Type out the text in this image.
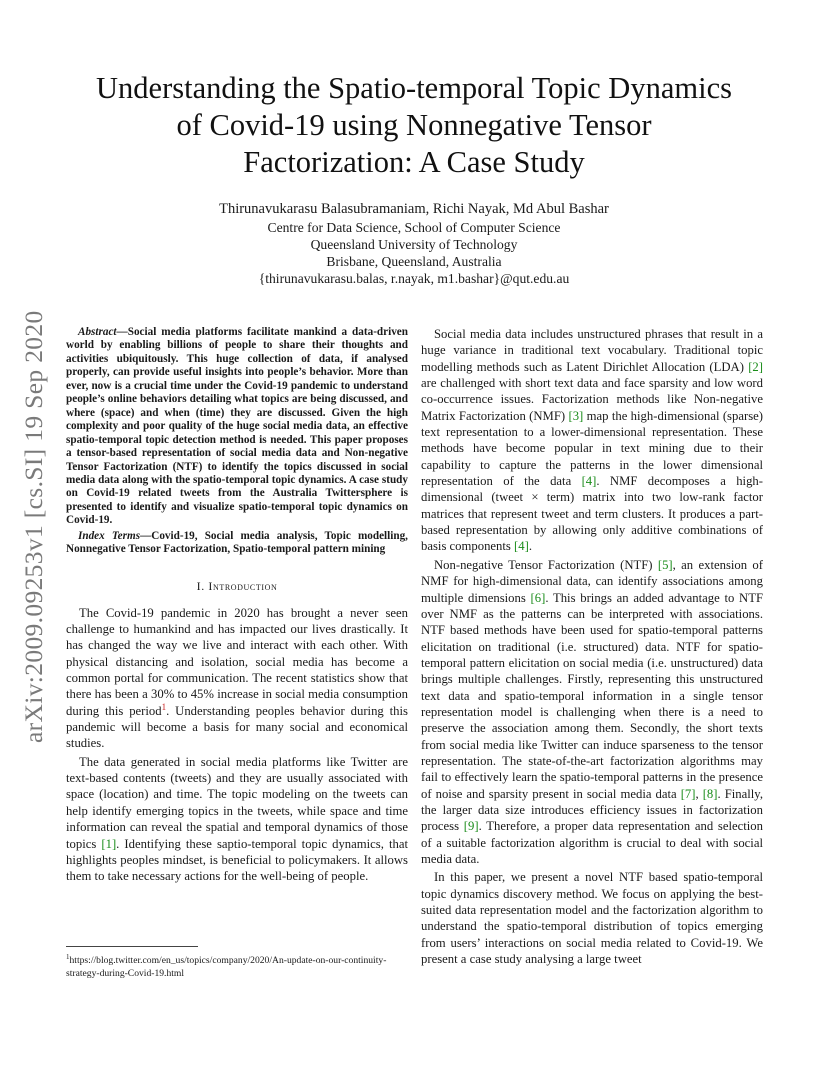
arXiv:2009.09253v1 [cs.SI] 19 Sep 2020
Understanding the Spatio-temporal Topic Dynamics
of Covid-19 using Nonnegative Tensor
Factorization: A Case Study
Thirunavukarasu Balasubramaniam, Richi Nayak, Md Abul Bashar
Centre for Data Science, School of Computer Science
Queensland University of Technology
Brisbane, Queensland, Australia
{thirunavukarasu.balas, r.nayak, m1.bashar}@qut.edu.au

Abstract—Social media platforms facilitate mankind a data-driven world by enabling billions of people to share their thoughts and activities ubiquitously. This huge collection of data, if analysed properly, can provide useful insights into people’s behavior. More than ever, now is a crucial time under the Covid-19 pandemic to understand people’s online behaviors detailing what topics are being discussed, and where (space) and when (time) they are discussed. Given the high complexity and poor quality of the huge social media data, an effective spatio-temporal topic detection method is needed. This paper proposes a tensor-based representation of social media data and Non-negative Tensor Factorization (NTF) to identify the topics discussed in social media data along with the spatio-temporal topic dynamics. A case study on Covid-19 related tweets from the Australia Twittersphere is presented to identify and visualize spatio-temporal topic dynamics on Covid-19.

Index Terms—Covid-19, Social media analysis, Topic modelling, Nonnegative Tensor Factorization, Spatio-temporal pattern mining

I. Introduction

The Covid-19 pandemic in 2020 has brought a never seen challenge to humankind and has impacted our lives drastically. It has changed the way we live and interact with each other. With physical distancing and isolation, social media has become a common portal for communication. The recent statistics show that there has been a 30% to 45% increase in social media consumption during this period$^1$. Understanding peoples behavior during this pandemic will become a basis for many social and economical studies.

The data generated in social media platforms like Twitter are text-based contents (tweets) and they are usually associated with space (location) and time. The topic modeling on the tweets can help identify emerging topics in the tweets, while space and time information can reveal the spatial and temporal dynamics of those topics [1]. Identifying these saptio-temporal topic dynamics, that highlights peoples mindset, is beneficial to policymakers. It allows them to take necessary actions for the well-being of people.

$^1$https://blog.twitter.com/en_us/topics/company/2020/An-update-on-our-continuity-strategy-during-Covid-19.html

Social media data includes unstructured phrases that result in a huge variance in traditional text vocabulary. Traditional topic modelling methods such as Latent Dirichlet Allocation (LDA) [2] are challenged with short text data and face sparsity and low word co-occurrence issues. Factorization methods like Non-negative Matrix Factorization (NMF) [3] map the high-dimensional (sparse) text representation to a lower-dimensional representation. These methods have become popular in text mining due to their capability to capture the patterns in the lower dimensional representation of the data [4]. NMF decomposes a high-dimensional (tweet × term) matrix into two low-rank factor matrices that represent tweet and term clusters. It produces a part-based representation by allowing only additive combinations of basis components [4].

Non-negative Tensor Factorization (NTF) [5], an extension of NMF for high-dimensional data, can identify associations among multiple dimensions [6]. This brings an added advantage to NTF over NMF as the patterns can be interpreted with associations. NTF based methods have been used for spatio-temporal patterns elicitation on traditional (i.e. structured) data. NTF for spatio-temporal pattern elicitation on social media (i.e. unstructured) data brings multiple challenges. Firstly, representing this unstructured text data and spatio-temporal information in a single tensor representation model is challenging when there is a need to preserve the association among them. Secondly, the short texts from social media like Twitter can induce sparseness to the tensor representation. The state-of-the-art factorization algorithms may fail to effectively learn the spatio-temporal patterns in the presence of noise and sparsity present in social media data [7], [8]. Finally, the larger data size introduces efficiency issues in factorization process [9]. Therefore, a proper data representation and selection of a suitable factorization algorithm is crucial to deal with social media data.

In this paper, we present a novel NTF based spatio-temporal topic dynamics discovery method. We focus on applying the best-suited data representation model and the factorization algorithm to understand the spatio-temporal distribution of topics emerging from users’ interactions on social media related to Covid-19. We present a case study analysing a large tweet
